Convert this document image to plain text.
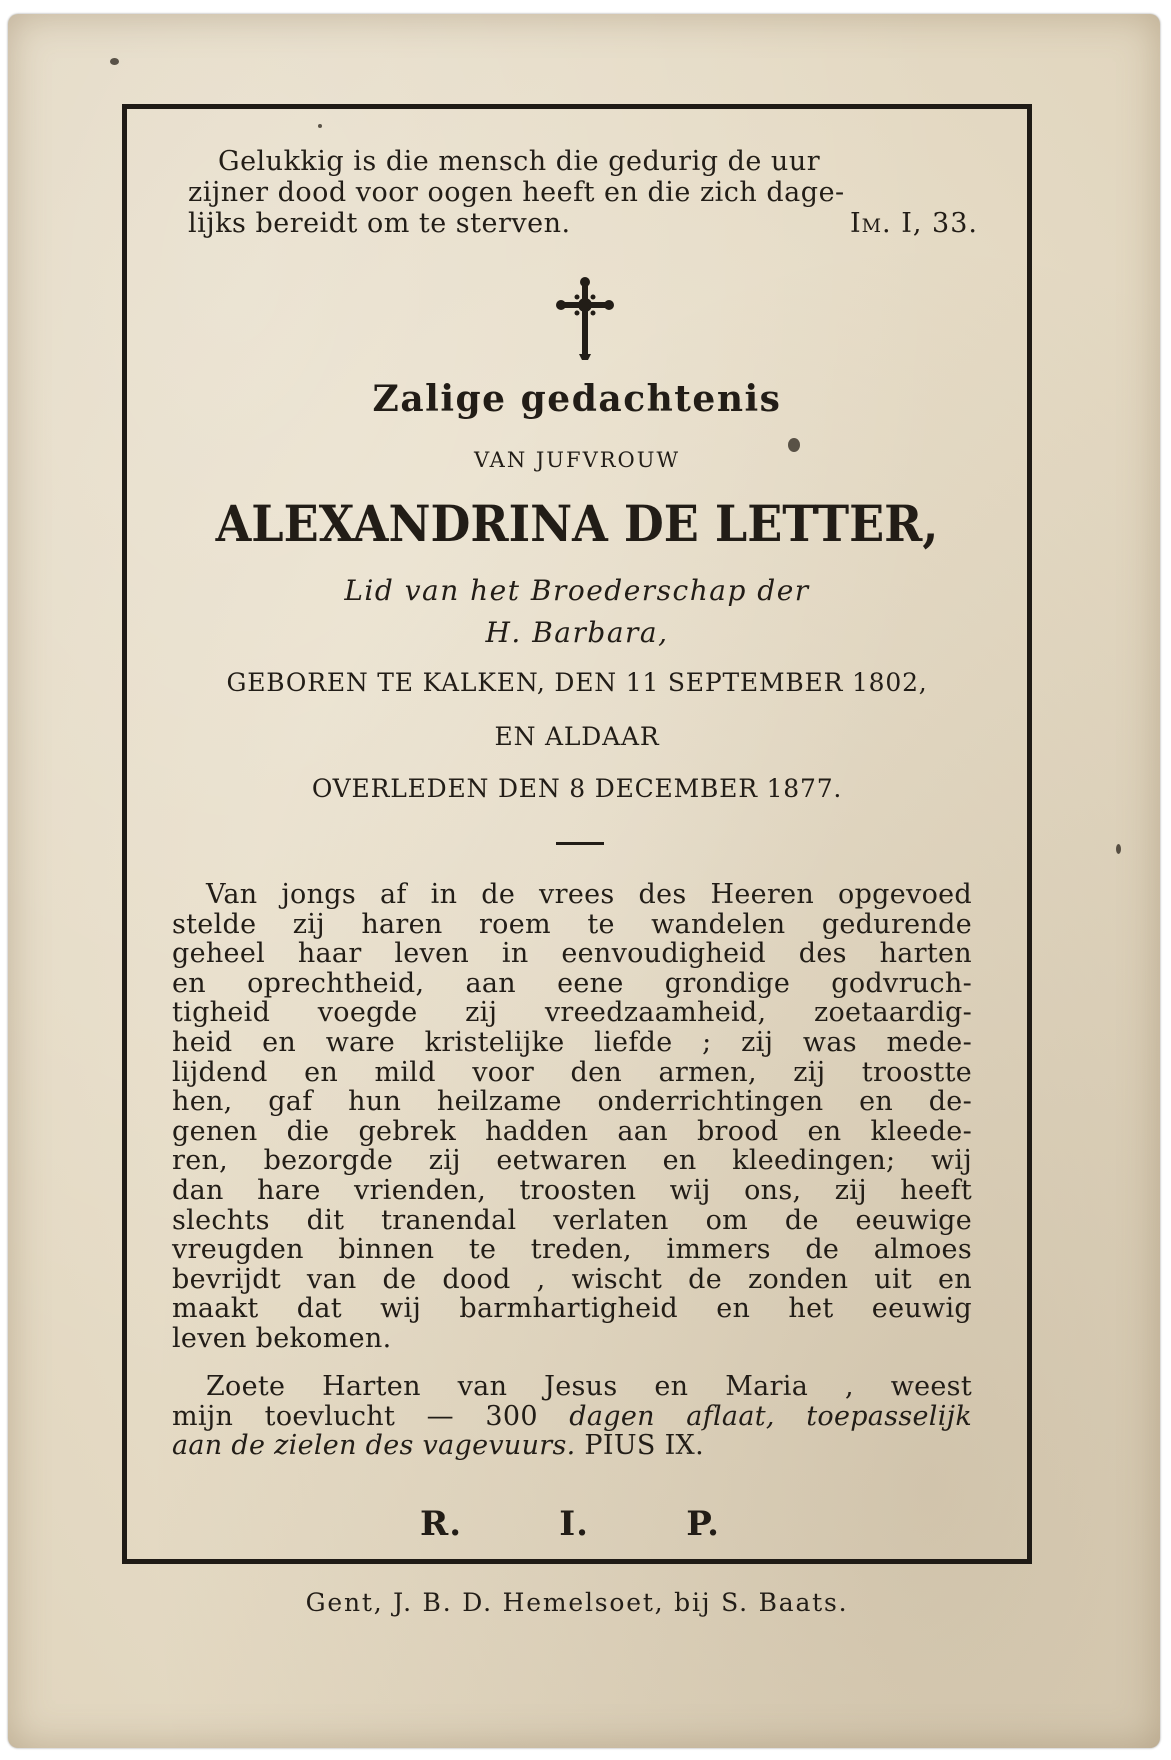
Gelukkig is die mensch die gedurig de uur
zijner dood voor oogen heeft en die zich dage-
lijks bereidt om te sterven.	Im. I, 33.
Zalige gedachtenis
VAN JUFVROUW
ALEXANDRINA DE LETTER,
Lid van het Broederschap der
H. Barbara,
GEBOREN TE KALKEN, DEN 11 SEPTEMBER 1802,
EN ALDAAR
OVERLEDEN DEN 8 DECEMBER 1877.
Van jongs af in de vrees des Heeren opgevoed
stelde zij haren roem te wandelen gedurende
geheel haar leven in eenvoudigheid des harten
en oprechtheid, aan eene grondige godvruch-
tigheid voegde zij vreedzaamheid, zoetaardig-
heid en ware kristelijke liefde ; zij was mede-
lijdend en mild voor den armen, zij troostte
hen, gaf hun heilzame onderrichtingen en de-
genen die gebrek hadden aan brood en kleede-
ren, bezorgde zij eetwaren en kleedingen; wij
dan hare vrienden, troosten wij ons, zij heeft
slechts dit tranendal verlaten om de eeuwige
vreugden binnen te treden, immers de almoes
bevrijdt van de dood , wischt de zonden uit en
maakt dat wij barmhartigheid en het eeuwig
leven bekomen.
Zoete Harten van Jesus en Maria , weest
mijn toevlucht — 300 dagen aflaat, toepasselijk
aan de zielen des vagevuurs. PIUS IX.
R.	I.	P.
Gent, J. B. D. Hemelsoet, bij S. Baats.
